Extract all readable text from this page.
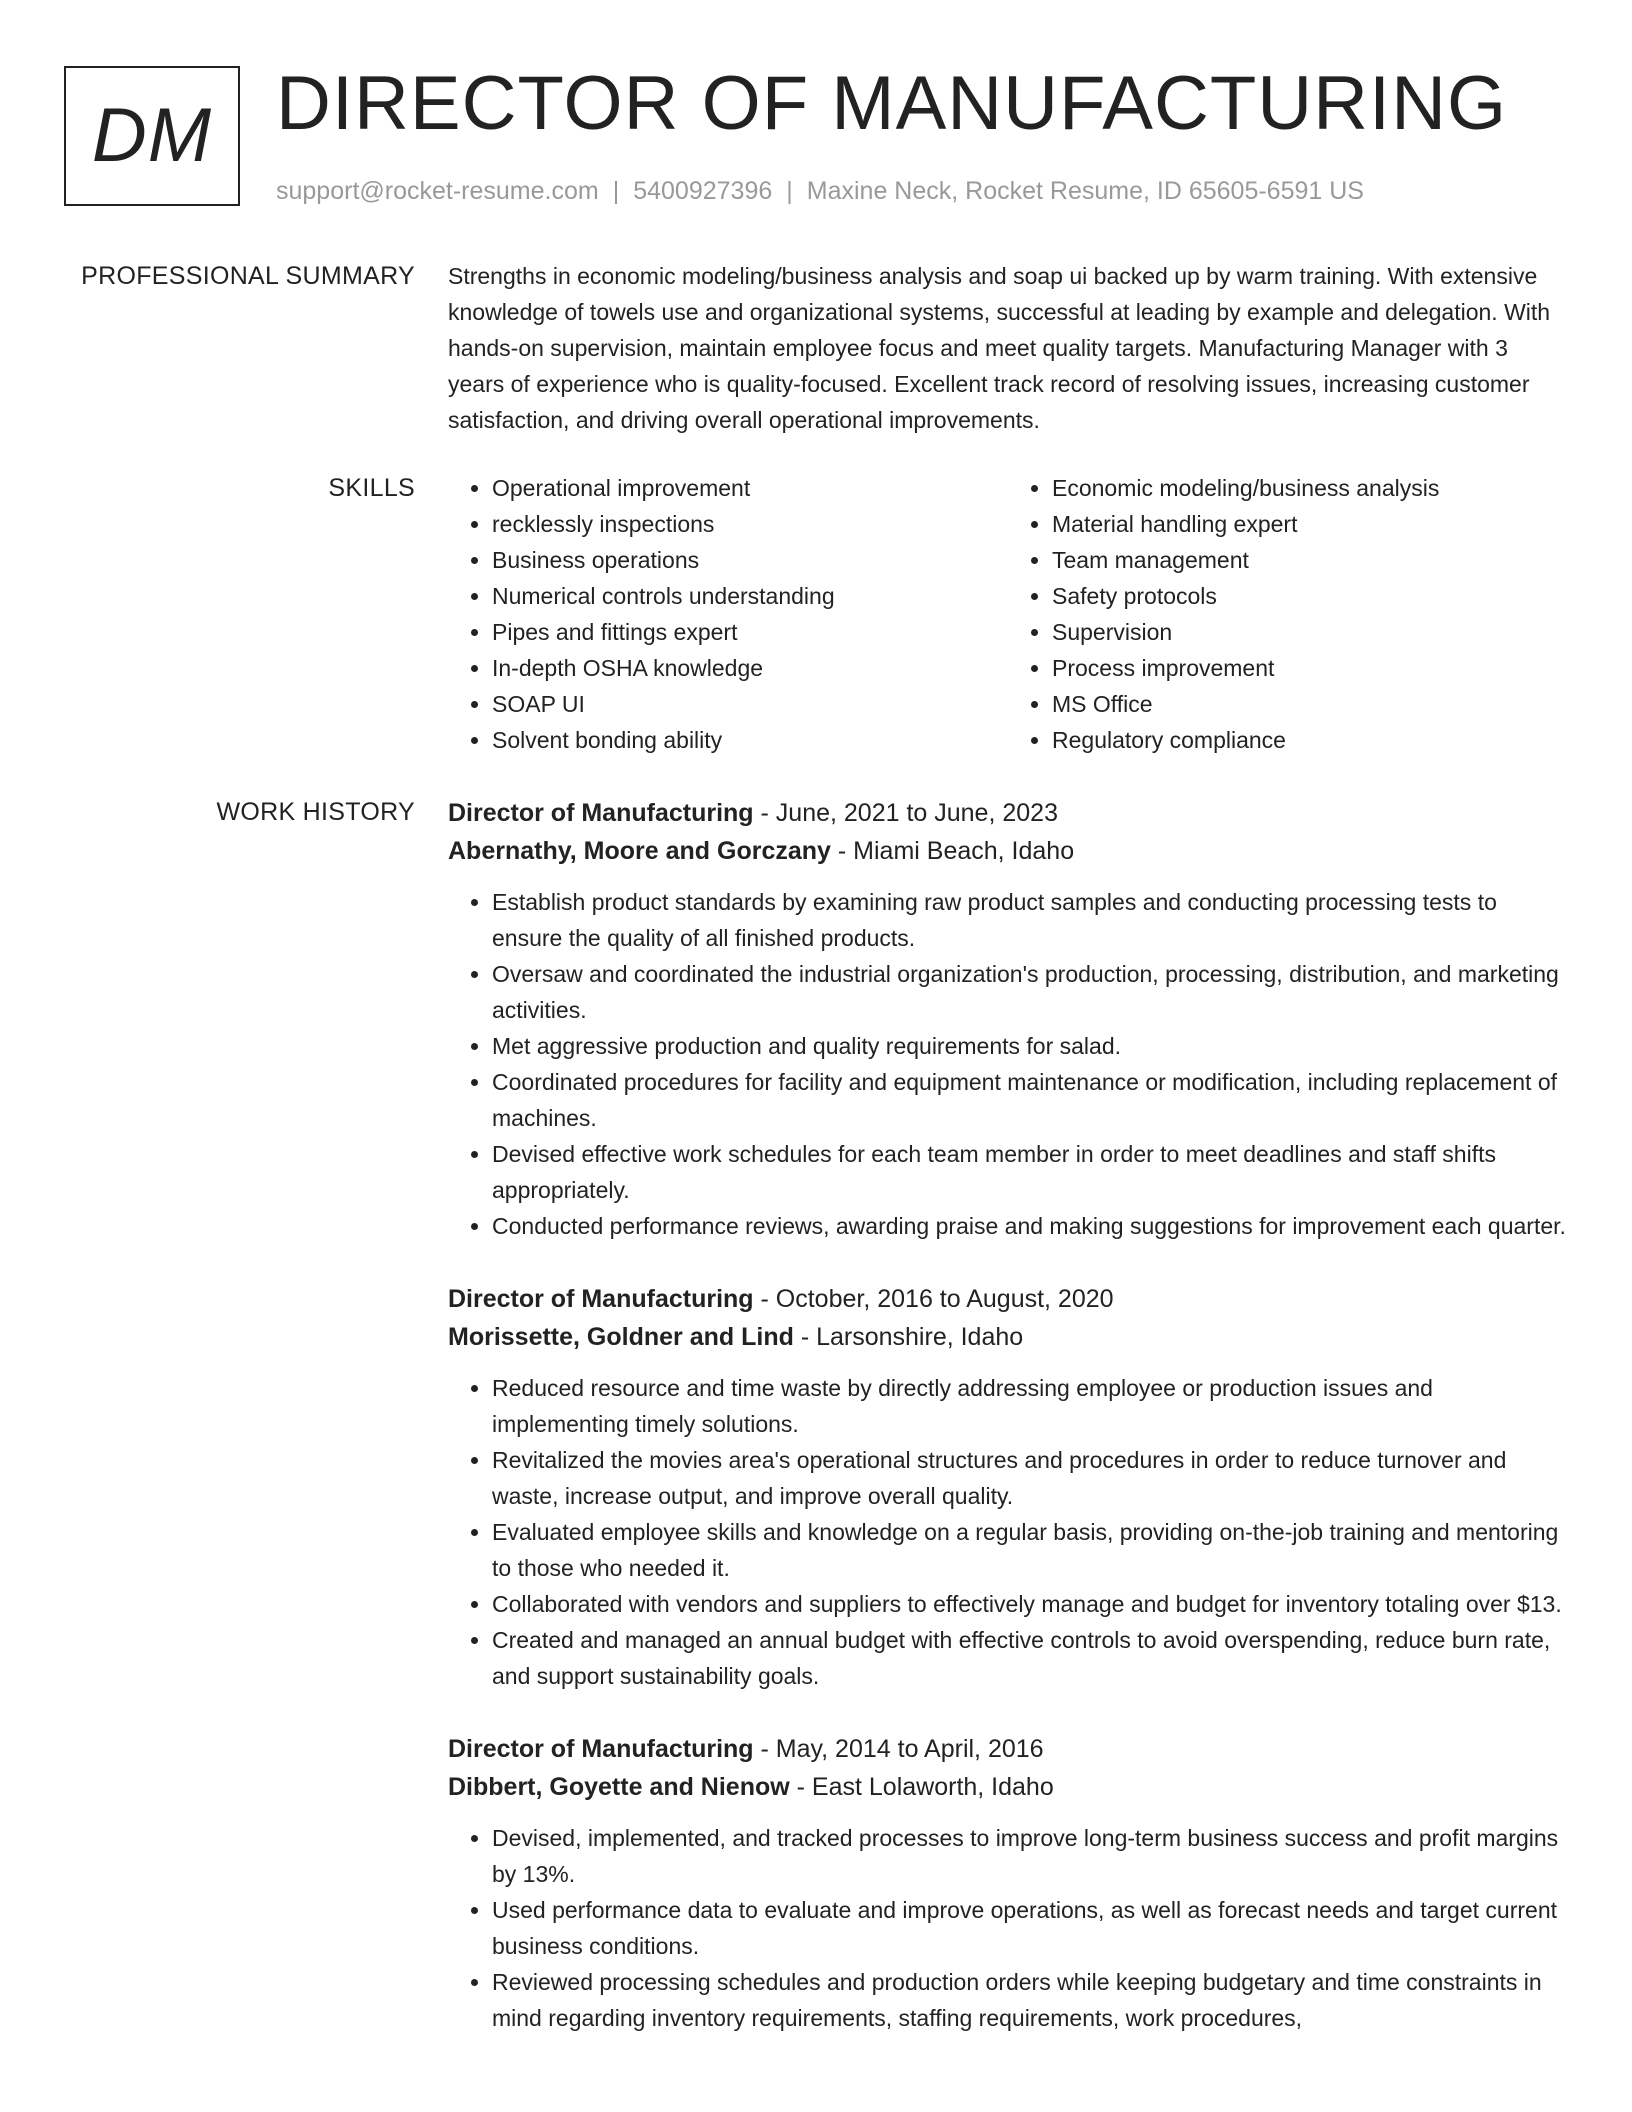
DM DIRECTOR OF MANUFACTURING
support@rocket-resume.com | 5400927396 | Maxine Neck, Rocket Resume, ID 65605-6591 US
PROFESSIONAL SUMMARY Strengths in economic modeling/business analysis and soap ui backed up by warm training. With extensive knowledge of towels use and organizational systems, successful at leading by example and delegation. With hands-on supervision, maintain employee focus and meet quality targets. Manufacturing Manager with 3 years of experience who is quality-focused. Excellent track record of resolving issues, increasing customer satisfaction, and driving overall operational improvements.

SKILLS
•	Operational improvement
• recklessly inspections
• Business operations
• Numerical controls understanding
• Pipes and fittings expert
• In-depth OSHA knowledge
• SOAP UI
• Solvent bonding ability
• Economic modeling/business analysis
• Material handling expert
• Team management
• Safety protocols
• Supervision
• Process improvement
• MS Office
• Regulatory compliance
WORK HISTORY Director of Manufacturing - June, 2021 to June, 2023
Abernathy, Moore and Gorczany - Miami Beach, Idaho
• Establish product standards by examining raw product samples and conducting processing tests to ensure the quality of all finished products.
• Oversaw and coordinated the industrial organization's production, processing, distribution, and marketing activities.
• Met aggressive production and quality requirements for salad.
• Coordinated procedures for facility and equipment maintenance or modification, including replacement of machines.
• Devised effective work schedules for each team member in order to meet deadlines and staff shifts appropriately.
• Conducted performance reviews, awarding praise and making suggestions for improvement each quarter.
Director of Manufacturing - October, 2016 to August, 2020
Morissette, Goldner and Lind - Larsonshire, Idaho
• Reduced resource and time waste by directly addressing employee or production issues and implementing timely solutions.
• Revitalized the movies area's operational structures and procedures in order to reduce turnover and waste, increase output, and improve overall quality.
• Evaluated employee skills and knowledge on a regular basis, providing on-the-job training and mentoring to those who needed it.
• Collaborated with vendors and suppliers to effectively manage and budget for inventory totaling over $13.
• Created and managed an annual budget with effective controls to avoid overspending, reduce burn rate, and support sustainability goals.
Director of Manufacturing - May, 2014 to April, 2016
Dibbert, Goyette and Nienow - East Lolaworth, Idaho
• Devised, implemented, and tracked processes to improve long-term business success and profit margins by 13%.
• Used performance data to evaluate and improve operations, as well as forecast needs and target current business conditions.
• Reviewed processing schedules and production orders while keeping budgetary and time constraints in mind regarding inventory requirements, staffing requirements, work procedures,
